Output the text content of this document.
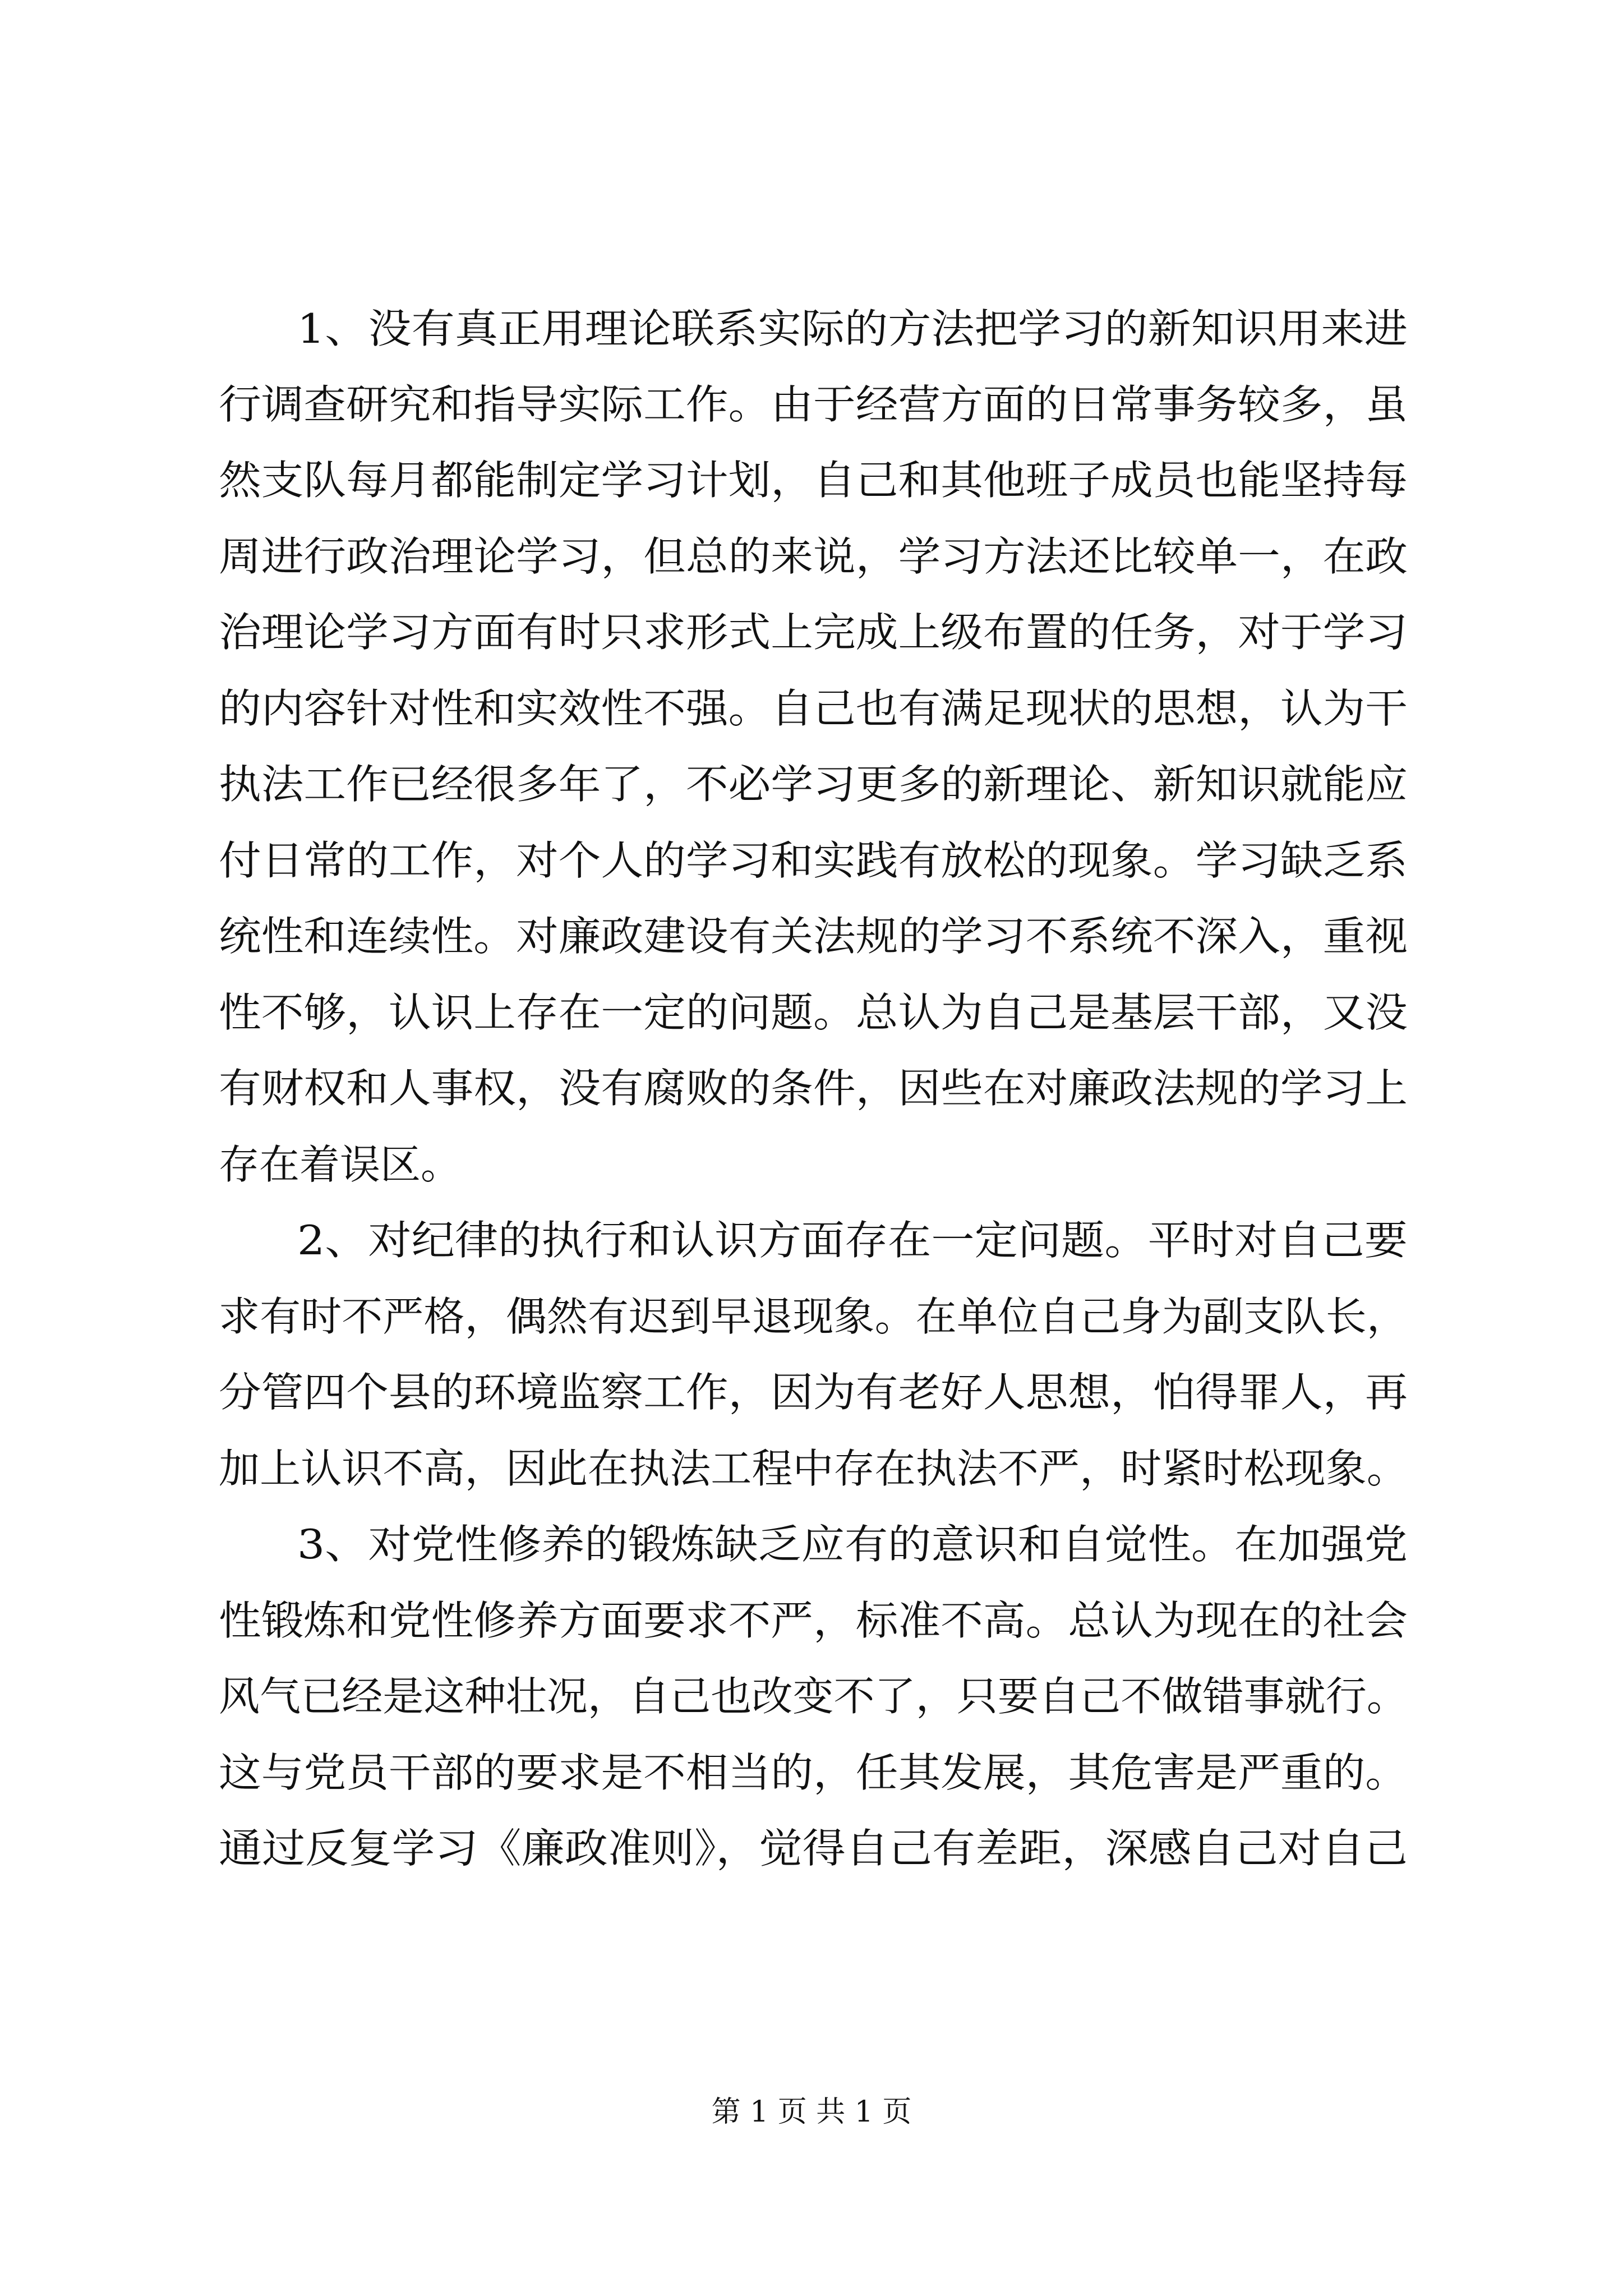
1、没有真正用理论联系实际的方法把学习的新知识用来进
行调查研究和指导实际工作。由于经营方面的日常事务较多，虽
然支队每月都能制定学习计划，自己和其他班子成员也能坚持每
周进行政治理论学习，但总的来说，学习方法还比较单一，在政
治理论学习方面有时只求形式上完成上级布置的任务，对于学习
的内容针对性和实效性不强。自己也有满足现状的思想，认为干
执法工作已经很多年了，不必学习更多的新理论、新知识就能应
付日常的工作，对个人的学习和实践有放松的现象。学习缺乏系
统性和连续性。对廉政建设有关法规的学习不系统不深入，重视
性不够，认识上存在一定的问题。总认为自己是基层干部，又没
有财权和人事权，没有腐败的条件，因些在对廉政法规的学习上
存在着误区。
2、对纪律的执行和认识方面存在一定问题。平时对自己要
求有时不严格，偶然有迟到早退现象。在单位自己身为副支队长，
分管四个县的环境监察工作，因为有老好人思想，怕得罪人，再
加上认识不高，因此在执法工程中存在执法不严，时紧时松现象。
3、对党性修养的锻炼缺乏应有的意识和自觉性。在加强党
性锻炼和党性修养方面要求不严，标准不高。总认为现在的社会
风气已经是这种壮况，自己也改变不了，只要自己不做错事就行。
这与党员干部的要求是不相当的，任其发展，其危害是严重的。
通过反复学习《廉政准则》，觉得自己有差距，深感自己对自己
第 1 页 共 1 页
